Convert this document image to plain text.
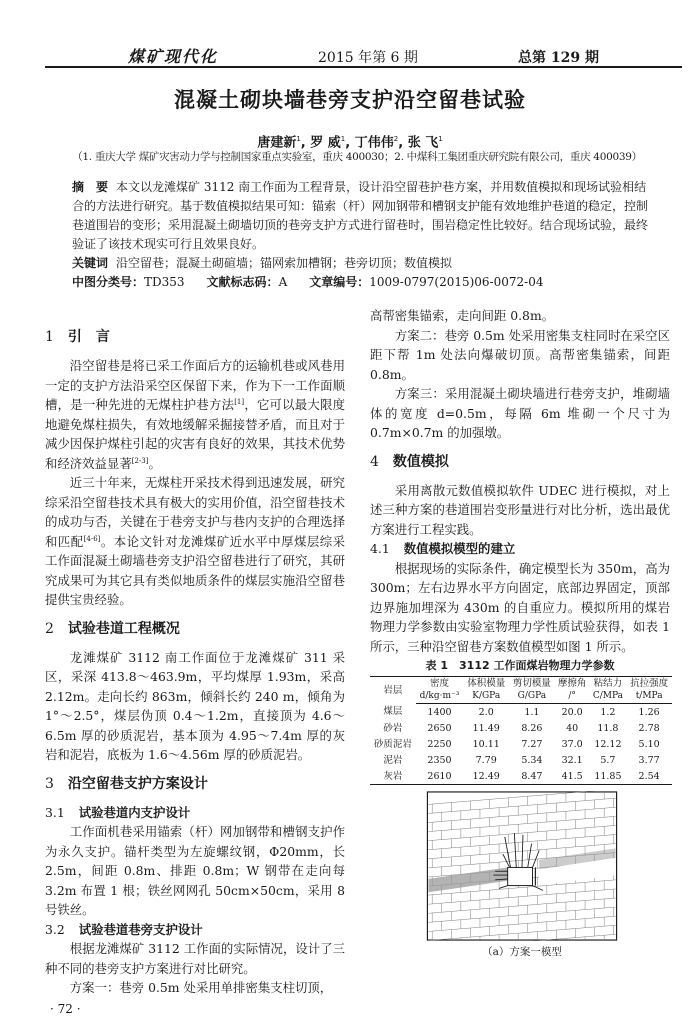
煤矿现代化	2015 年第 6 期	总第 129 期
混凝土砌块墙巷旁支护沿空留巷试验
唐建新$^1$, 罗 威$^1$, 丁伟伟$^2$, 张 飞$^1$
（1. 重庆大学 煤矿灾害动力学与控制国家重点实验室，重庆 400030；2. 中煤科工集团重庆研究院有限公司，重庆 400039）
摘　要 本文以龙滩煤矿 3112 南工作面为工程背景，设计沿空留巷护巷方案，并用数值模拟和现场试验相结合的方法进行研究。基于数值模拟结果可知：锚索（杆）网加钢带和槽钢支护能有效地维护巷道的稳定，控制巷道围岩的变形；采用混凝土砌墙切顶的巷旁支护方式进行留巷时，围岩稳定性比较好。结合现场试验，最终验证了该技术现实可行且效果良好。
关键词 沿空留巷；混凝土砌碹墙；锚网索加槽钢；巷旁切顶；数值模拟
中图分类号：TD353 文献标志码：A 文章编号：1009-0797(2015)06-0072-04
1 引　言

沿空留巷是将已采工作面后方的运输机巷或风巷用一定的支护方法沿采空区保留下来，作为下一工作面顺槽，是一种先进的无煤柱护巷方法[1]，它可以最大限度地避免煤柱损失，有效地缓解采掘接替矛盾，而且对于减少因保护煤柱引起的灾害有良好的效果，其技术优势和经济效益显著[2-3]。

近三十年来，无煤柱开采技术得到迅速发展，研究综采沿空留巷技术具有极大的实用价值，沿空留巷技术的成功与否，关键在于巷旁支护与巷内支护的合理选择和匹配[4-6]。本论文针对龙滩煤矿近水平中厚煤层综采工作面混凝土砌墙巷旁支护沿空留巷进行了研究，其研究成果可为其它具有类似地质条件的煤层实施沿空留巷提供宝贵经验。

2 试验巷道工程概况

龙滩煤矿 3112 南工作面位于龙滩煤矿 311 采区，采深 413.8～463.9m，平均煤厚 1.93m，采高 2.12m。走向长约 863m，倾斜长约 240 m，倾角为 1°～2.5°，煤层伪顶 0.4～1.2m，直接顶为 4.6～6.5m 厚的砂质泥岩，基本顶为 4.95～7.4m 厚的灰岩和泥岩，底板为 1.6～4.56m 厚的砂质泥岩。

3 沿空留巷支护方案设计
3.1 试验巷道内支护设计

工作面机巷采用锚索（杆）网加钢带和槽钢支护作为永久支护。锚杆类型为左旋螺纹钢，Φ20mm，长 2.5m，间距 0.8m、排距 0.8m；W 钢带在走向每 3.2m 布置 1 根；铁丝网网孔 50cm×50cm，采用 8 号铁丝。

3.2 试验巷道巷旁支护设计

根据龙滩煤矿 3112 工作面的实际情况，设计了三种不同的巷旁支护方案进行对比研究。

方案一：巷旁 0.5m 处采用单排密集支柱切顶，

高帮密集锚索，走向间距 0.8m。

方案二：巷旁 0.5m 处采用密集支柱同时在采空区距下帮 1m 处法向爆破切顶。高帮密集锚索，间距 0.8m。

方案三：采用混凝土砌块墙进行巷旁支护，堆砌墙体的宽度 d=0.5m，每隔 6m 堆砌一个尺寸为 0.7m×0.7m 的加强墩。

4 数值模拟

采用离散元数值模拟软件 UDEC 进行模拟，对上述三种方案的巷道围岩变形量进行对比分析，选出最优方案进行工程实践。

4.1 数值模拟模型的建立

根据现场的实际条件，确定模型长为 350m，高为 300m；左右边界水平方向固定，底部边界固定，顶部边界施加埋深为 430m 的自重应力。模拟所用的煤岩物理力学参数由实验室物理力学性质试验获得，如表 1 所示，三种沿空留巷方案数值模型如图 1 所示。

表 1　3112 工作面煤岩物理力学参数
岩层	密度	体积模量	剪切模量	摩擦角	粘结力	抗拉强度
	d/kg·m⁻³	K/GPa	G/GPa	/°	C/MPa	t/MPa
煤层	1400	2.0	1.1	20.0	1.2	1.26
砂岩	2650	11.49	8.26	40	11.8	2.78
砂质泥岩	2250	10.11	7.27	37.0	12.12	5.10
泥岩	2350	7.79	5.34	32.1	5.7	3.77
灰岩	2610	12.49	8.47	41.5	11.85	2.54
（a）方案一模型
· 72 ·
